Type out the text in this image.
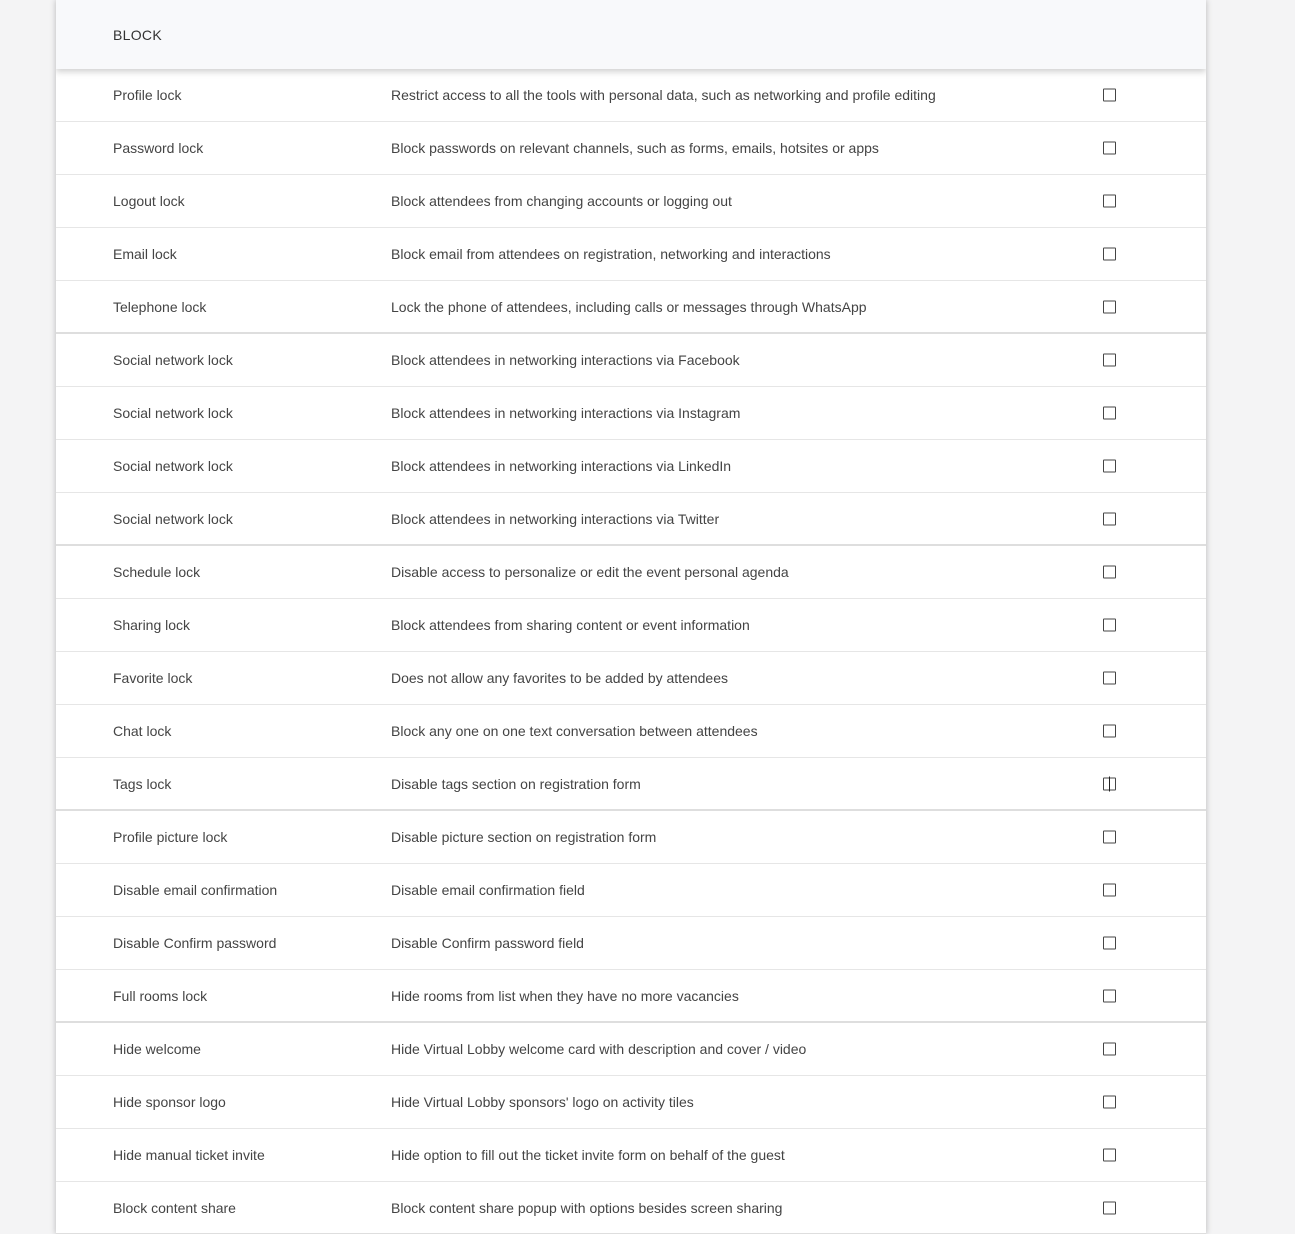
BLOCK
Profile lock	Restrict access to all the tools with personal data, such as networking and profile editing
Password lock	Block passwords on relevant channels, such as forms, emails, hotsites or apps
Logout lock	Block attendees from changing accounts or logging out
Email lock	Block email from attendees on registration, networking and interactions
Telephone lock	Lock the phone of attendees, including calls or messages through WhatsApp
Social network lock	Block attendees in networking interactions via Facebook
Social network lock	Block attendees in networking interactions via Instagram
Social network lock	Block attendees in networking interactions via LinkedIn
Social network lock	Block attendees in networking interactions via Twitter
Schedule lock	Disable access to personalize or edit the event personal agenda
Sharing lock	Block attendees from sharing content or event information
Favorite lock	Does not allow any favorites to be added by attendees
Chat lock	Block any one on one text conversation between attendees
Tags lock	Disable tags section on registration form
Profile picture lock	Disable picture section on registration form
Disable email confirmation	Disable email confirmation field
Disable Confirm password	Disable Confirm password field
Full rooms lock	Hide rooms from list when they have no more vacancies
Hide welcome	Hide Virtual Lobby welcome card with description and cover / video
Hide sponsor logo	Hide Virtual Lobby sponsors' logo on activity tiles
Hide manual ticket invite	Hide option to fill out the ticket invite form on behalf of the guest
Block content share	Block content share popup with options besides screen sharing
